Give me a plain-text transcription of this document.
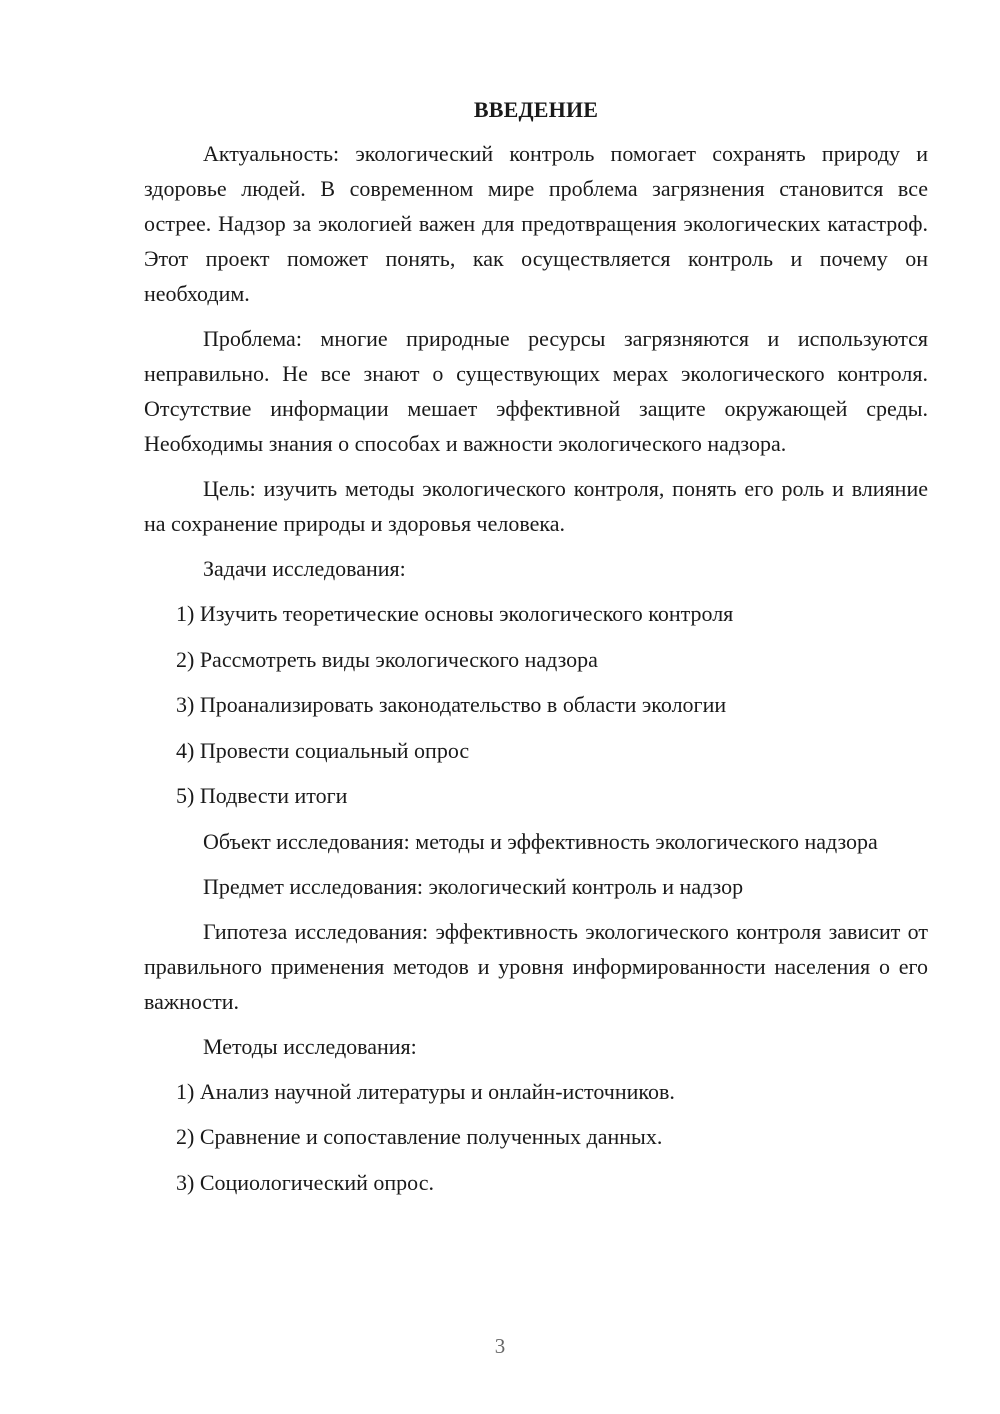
ВВЕДЕНИЕ

Актуальность: экологический контроль помогает сохранять природу и здоровье людей. В современном мире проблема загрязнения становится все острее. Надзор за экологией важен для предотвращения экологических катастроф. Этот проект поможет понять, как осуществляется контроль и почему он необходим.

Проблема: многие природные ресурсы загрязняются и используются неправильно. Не все знают о существующих мерах экологического контроля. Отсутствие информации мешает эффективной защите окружающей среды. Необходимы знания о способах и важности экологического надзора.

Цель: изучить методы экологического контроля, понять его роль и влияние на сохранение природы и здоровья человека.

Задачи исследования:

1) Изучить теоретические основы экологического контроля
2) Рассмотреть виды экологического надзора
3) Проанализировать законодательство в области экологии
4) Провести социальный опрос
5) Подвести итоги

Объект исследования: методы и эффективность экологического надзора

Предмет исследования: экологический контроль и надзор

Гипотеза исследования: эффективность экологического контроля зависит от правильного применения методов и уровня информированности населения о его важности.

Методы исследования:

1) Анализ научной литературы и онлайн-источников.
2) Сравнение и сопоставление полученных данных.
3) Социологический опрос.
3
